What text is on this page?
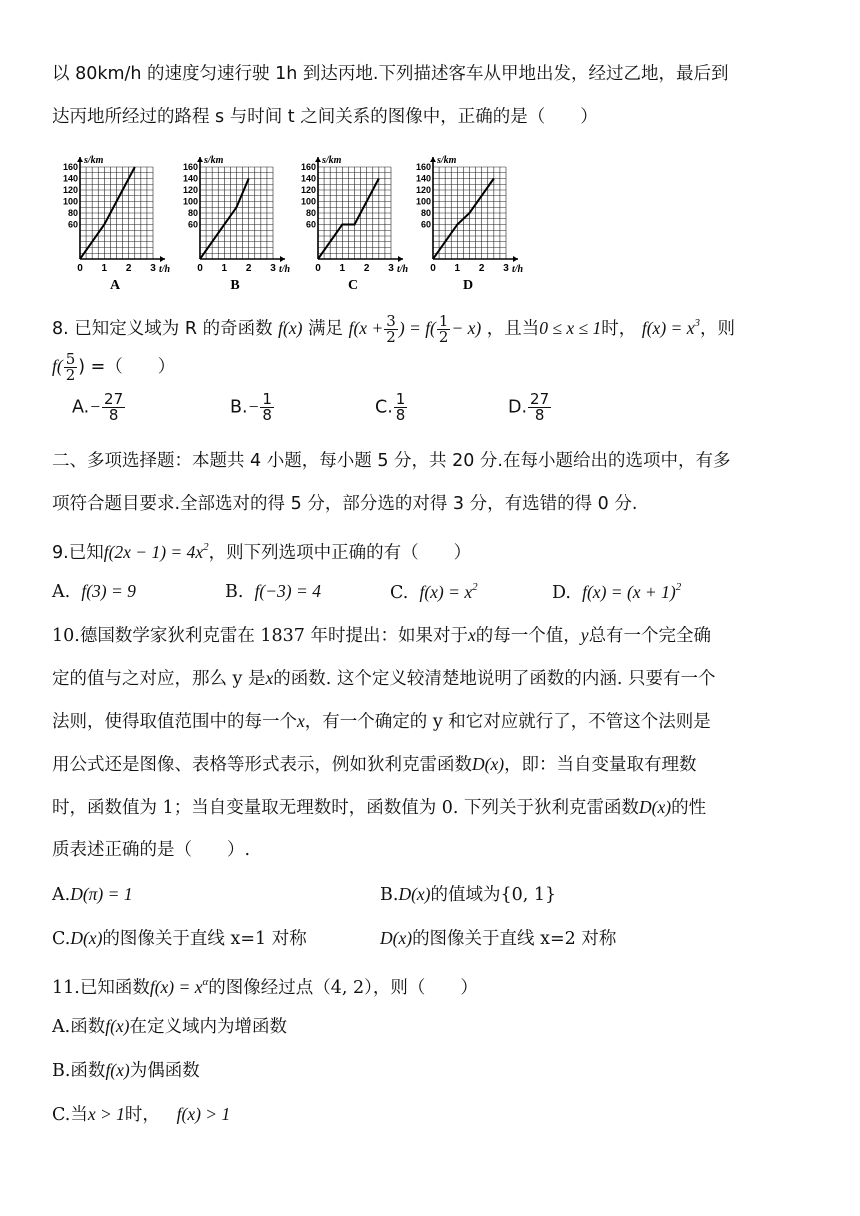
以 80km/h 的速度匀速行驶 1h 到达丙地.下列描述客车从甲地出发，经过乙地，最后到
达丙地所经过的路程 s 与时间 t 之间关系的图像中，正确的是（　　）
s/km
160
140
120
100
80
60
0 1 2 3 t/h
A
s/km
160
140
120
100
80
60
0 1 2 3 t/h
B
s/km
160
140
120
100
80
60
0 1 2 3 t/h
C
s/km
160
140
120
100
80
60
0 1 2 3 t/h
D
8. 已知定义域为 R 的奇函数 f(x) 满足 $f(x + \frac{3}{2}$ ) = $f( \frac{1}{2} - x)$ ，且当0 ≤ x ≤ 1时， $f(x) = x^3$，则
$f( \frac{5}{2}$ ) =（　　）
$A.- \frac{27}{8}$	$B.- \frac{1}{8}$	C. $\frac{1}{8}$	D. $\frac{27}{8}$
二、多项选择题：本题共 4 小题，每小题 5 分，共 20 分.在每小题给出的选项中，有多
项符合题目要求.全部选对的得 5 分，部分选的对得 3 分，有选错的得 0 分.
9.已知$f(2x - 1) = 4x^2$，则下列选项中正确的有（　　）
A.  f(3) = 9	B.  f(−3) = 4	C.  $f(x) = x^2$	D.  $f(x) = (x + 1)^2$
10.德国数学家狄利克雷在 1837 年时提出：如果对于x的每一个值，y总有一个完全确
定的值与之对应，那么 y 是x的函数. 这个定义较清楚地说明了函数的内涵. 只要有一个
法则，使得取值范围中的每一个x，有一个确定的 y 和它对应就行了，不管这个法则是
用公式还是图像、表格等形式表示，例如狄利克雷函数D(x)，即：当自变量取有理数
时，函数值为 1；当自变量取无理数时，函数值为 0. 下列关于狄利克雷函数D(x)的性
质表述正确的是（　　）.
A.D(π) = 1	B.D(x)的值域为{0, 1}
C.D(x)的图像关于直线 x=1 对称	D(x)的图像关于直线 x=2 对称
11.已知函数$f(x) = x^\alpha$的图像经过点（4, 2），则（　　）
A.函数f(x)在定义域内为增函数
B.函数f(x)为偶函数
C.当x > 1时， f(x) > 1
